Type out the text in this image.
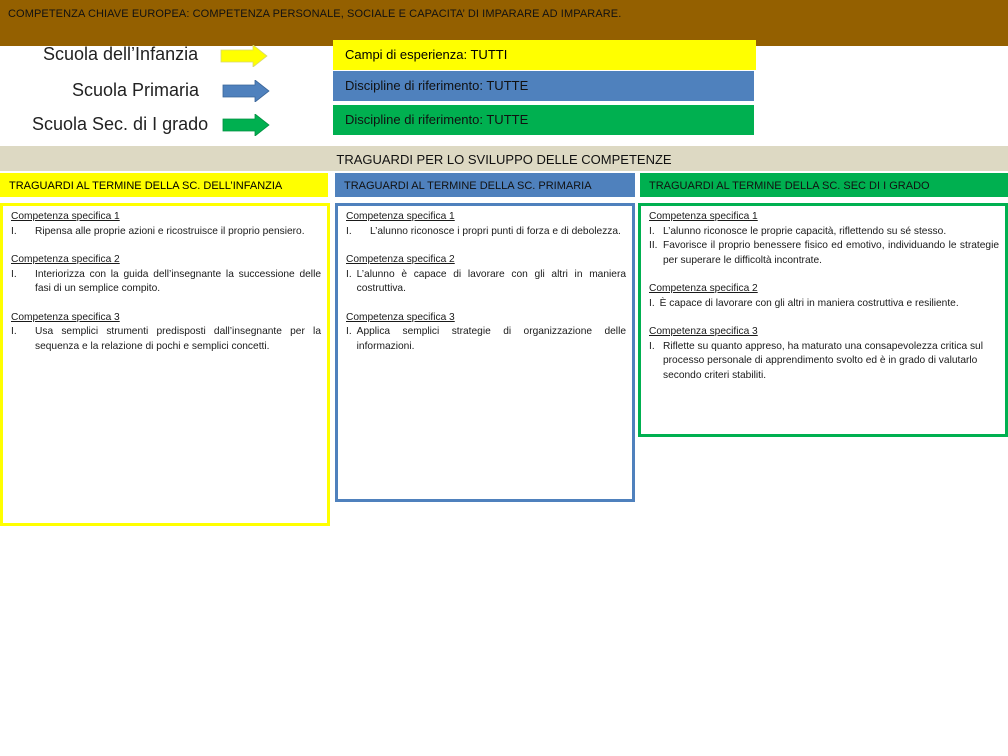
COMPETENZA CHIAVE EUROPEA: COMPETENZA PERSONALE, SOCIALE E CAPACITA’ DI IMPARARE AD IMPARARE.
Scuola dell’Infanzia	Campi di esperienza: TUTTI
Scuola Primaria	Discipline di riferimento: TUTTE
Scuola Sec. di I grado	Discipline di riferimento: TUTTE
TRAGUARDI PER LO SVILUPPO DELLE COMPETENZE
TRAGUARDI AL TERMINE DELLA SC. DELL’INFANZIA	TRAGUARDI AL TERMINE DELLA SC. PRIMARIA	TRAGUARDI AL TERMINE DELLA SC. SEC DI I GRADO
Competenza specifica 1
I.	Ripensa alle proprie azioni e ricostruisce il proprio pensiero.
Competenza specifica 2
I.	Interiorizza con la guida dell’insegnante la successione delle fasi di un semplice compito.
Competenza specifica 3
I.	Usa semplici strumenti predisposti dall’insegnante per la sequenza e la relazione di pochi e semplici concetti.
Competenza specifica 1
I.	L’alunno riconosce i propri punti di forza e di debolezza.
Competenza specifica 2
I. L’alunno è capace di lavorare con gli altri in maniera costruttiva.
Competenza specifica 3
I. Applica semplici strategie di organizzazione delle informazioni.
Competenza specifica 1
I. L’alunno riconosce le proprie capacità, riflettendo su sé stesso.
II. Favorisce il proprio benessere fisico ed emotivo, individuando le strategie per superare le difficoltà incontrate.
Competenza specifica 2
I. È capace di lavorare con gli altri in maniera costruttiva e resiliente.
Competenza specifica 3
I. Riflette su quanto appreso, ha maturato una consapevolezza critica sul processo personale di apprendimento svolto ed è in grado di valutarlo secondo criteri stabiliti.
